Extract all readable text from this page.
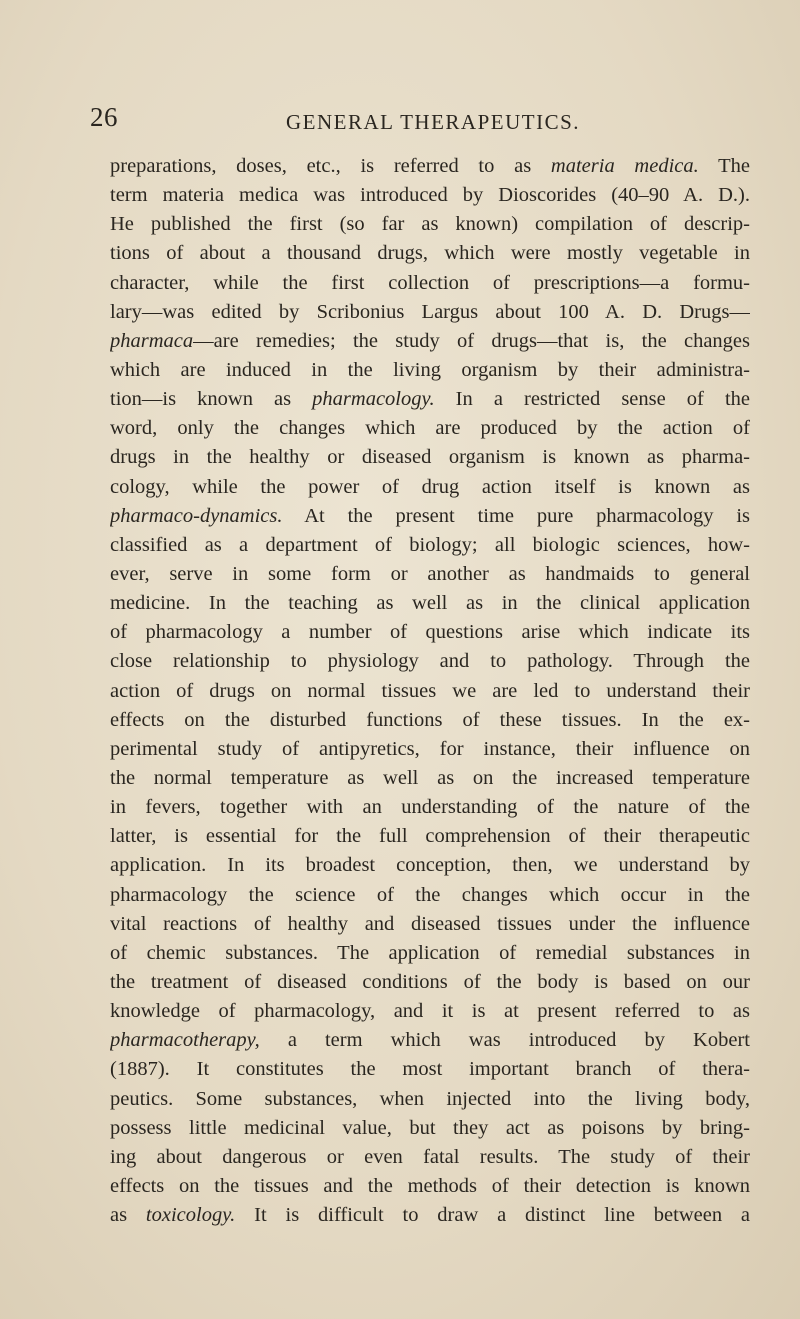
26	GENERAL THERAPEUTICS.
preparations, doses, etc., is referred to as materia medica. The
term materia medica was introduced by Dioscorides (40–90 A. D.).
He published the first (so far as known) compilation of descrip-
tions of about a thousand drugs, which were mostly vegetable in
character, while the first collection of prescriptions—a formu-
lary—was edited by Scribonius Largus about 100 A. D. Drugs—
pharmaca—are remedies; the study of drugs—that is, the changes
which are induced in the living organism by their administra-
tion—is known as pharmacology. In a restricted sense of the
word, only the changes which are produced by the action of
drugs in the healthy or diseased organism is known as pharma-
cology, while the power of drug action itself is known as
pharmaco-dynamics. At the present time pure pharmacology is
classified as a department of biology; all biologic sciences, how-
ever, serve in some form or another as handmaids to general
medicine. In the teaching as well as in the clinical application
of pharmacology a number of questions arise which indicate its
close relationship to physiology and to pathology. Through the
action of drugs on normal tissues we are led to understand their
effects on the disturbed functions of these tissues. In the ex-
perimental study of antipyretics, for instance, their influence on
the normal temperature as well as on the increased temperature
in fevers, together with an understanding of the nature of the
latter, is essential for the full comprehension of their therapeutic
application. In its broadest conception, then, we understand by
pharmacology the science of the changes which occur in the
vital reactions of healthy and diseased tissues under the influence
of chemic substances. The application of remedial substances in
the treatment of diseased conditions of the body is based on our
knowledge of pharmacology, and it is at present referred to as
pharmacotherapy, a term which was introduced by Kobert
(1887). It constitutes the most important branch of thera-
peutics. Some substances, when injected into the living body,
possess little medicinal value, but they act as poisons by bring-
ing about dangerous or even fatal results. The study of their
effects on the tissues and the methods of their detection is known
as toxicology. It is difficult to draw a distinct line between a
